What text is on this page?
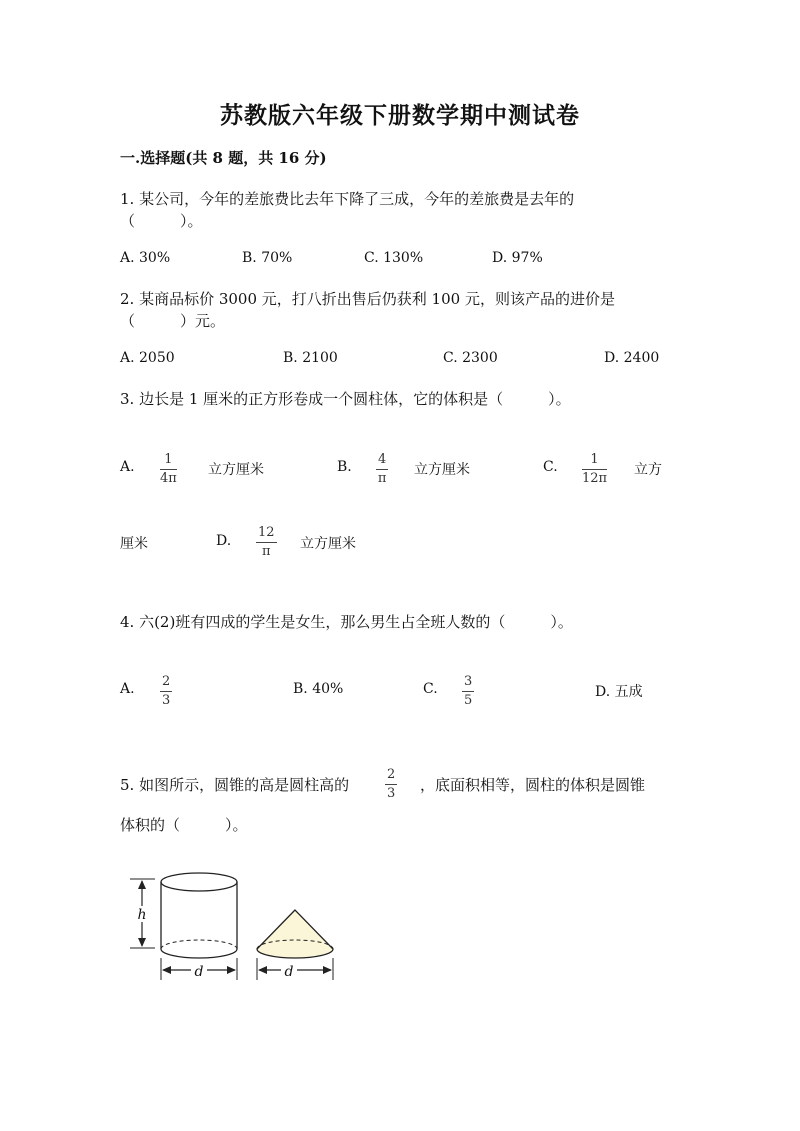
苏教版六年级下册数学期中测试卷
一.选择题(共 8 题，共 16 分)
1. 某公司，今年的差旅费比去年下降了三成，今年的差旅费是去年的
（　　　）。
A. 30%	B. 70%	C. 130%	D. 97%
2. 某商品标价 3000 元，打八折出售后仍获利 100 元，则该产品的进价是
（　　　）元。
A. 2050	B. 2100	C. 2300	D. 2400
3. 边长是 1 厘米的正方形卷成一个圆柱体，它的体积是（　　　）。
A. 1
4π
立方厘米	B. 4
π
立方厘米	C.	1
12π
立方
厘米	D.
12
π 立方厘米
4. 六(2)班有四成的学生是女生，那么男生占全班人数的（　　　）。
A. 2
3
B. 40%	C. 3
5
D. 五成
5. 如图所示，圆锥的高是圆柱高的
2
3 ，底面积相等，圆柱的体积是圆锥
体积的（　　　）。
h
d	d
